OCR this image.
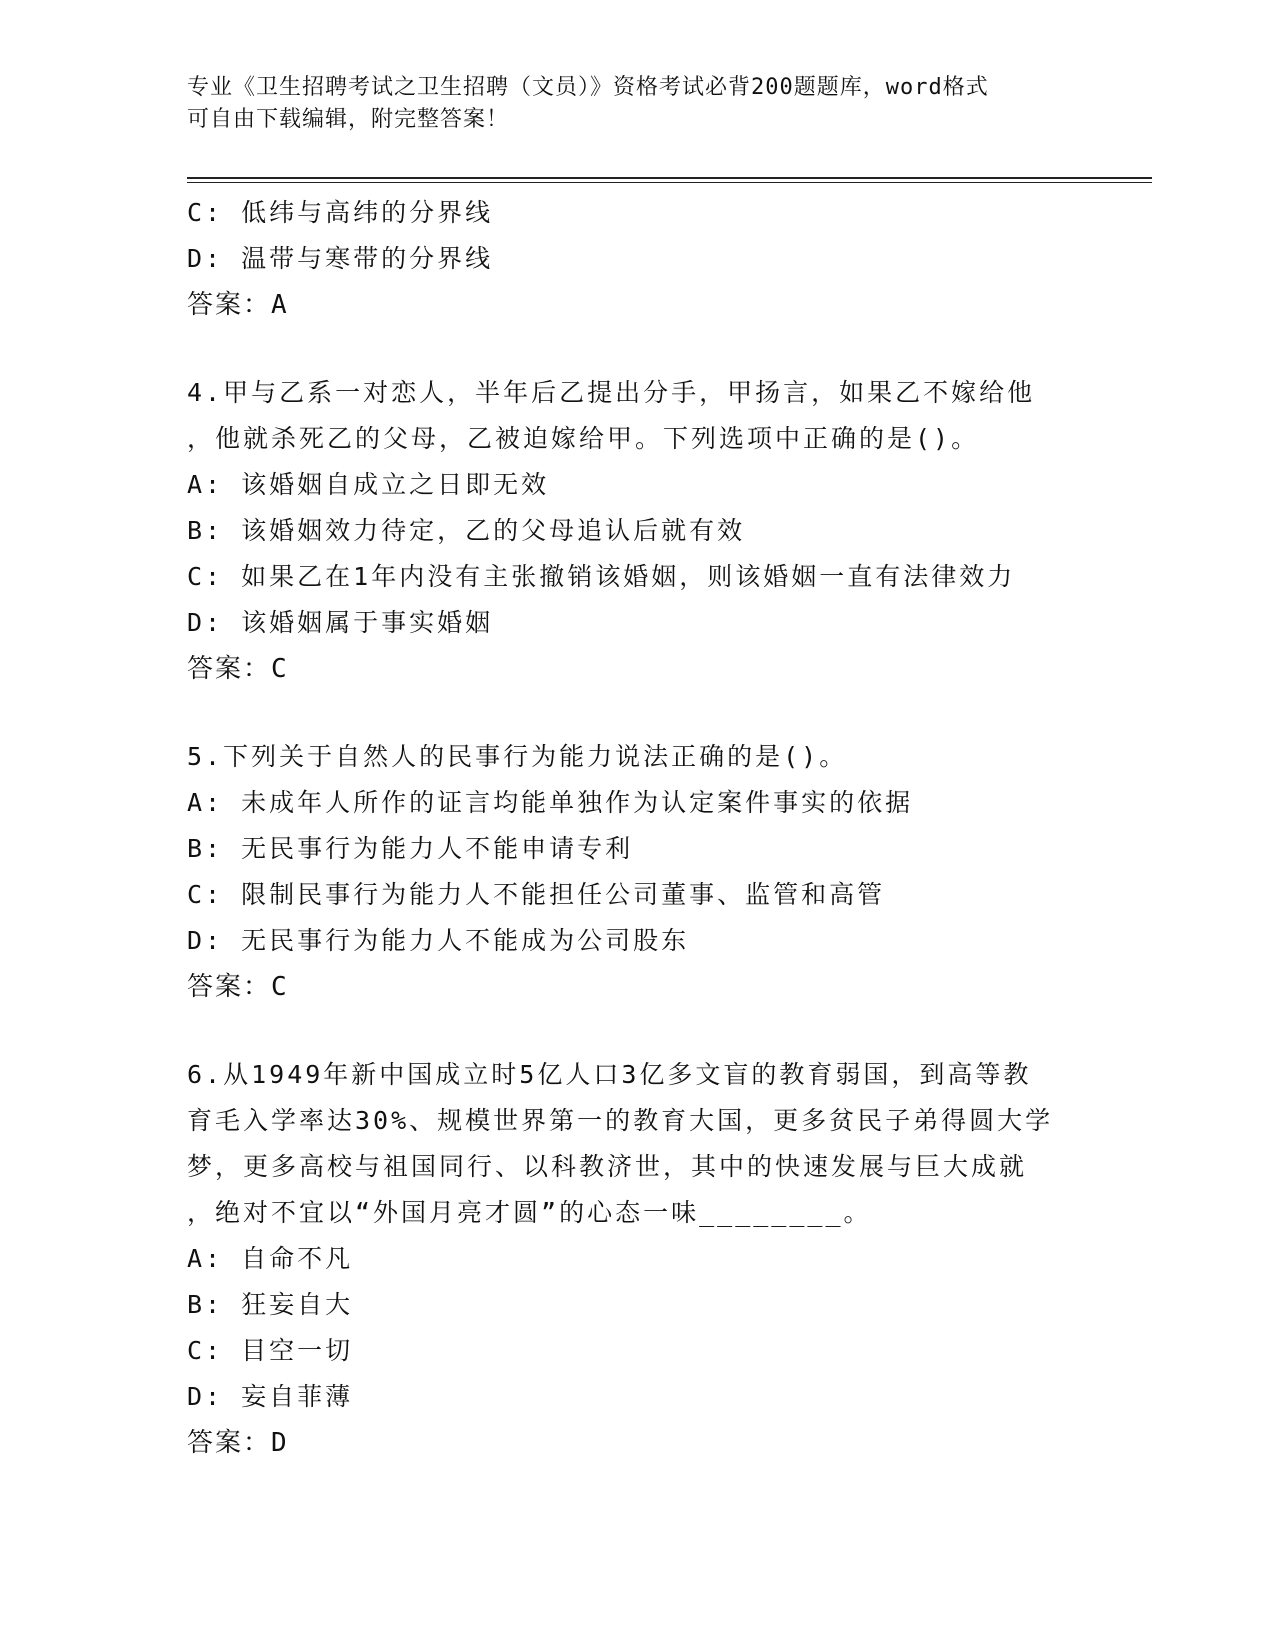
专业《卫生招聘考试之卫生招聘（文员）》资格考试必背200题题库，word格式
可自由下载编辑，附完整答案！
C: 低纬与高纬的分界线
D: 温带与寒带的分界线
答案：A
4.甲与乙系一对恋人，半年后乙提出分手，甲扬言，如果乙不嫁给他
，他就杀死乙的父母，乙被迫嫁给甲。下列选项中正确的是()。
A: 该婚姻自成立之日即无效
B: 该婚姻效力待定，乙的父母追认后就有效
C: 如果乙在1年内没有主张撤销该婚姻，则该婚姻一直有法律效力
D: 该婚姻属于事实婚姻
答案：C
5.下列关于自然人的民事行为能力说法正确的是()。
A: 未成年人所作的证言均能单独作为认定案件事实的依据
B: 无民事行为能力人不能申请专利
C: 限制民事行为能力人不能担任公司董事、监管和高管
D: 无民事行为能力人不能成为公司股东
答案：C
6.从1949年新中国成立时5亿人口3亿多文盲的教育弱国，到高等教
育毛入学率达30%、规模世界第一的教育大国，更多贫民子弟得圆大学
梦，更多高校与祖国同行、以科教济世，其中的快速发展与巨大成就
，绝对不宜以“外国月亮才圆”的心态一味________。
A: 自命不凡
B: 狂妄自大
C: 目空一切
D: 妄自菲薄
答案：D
